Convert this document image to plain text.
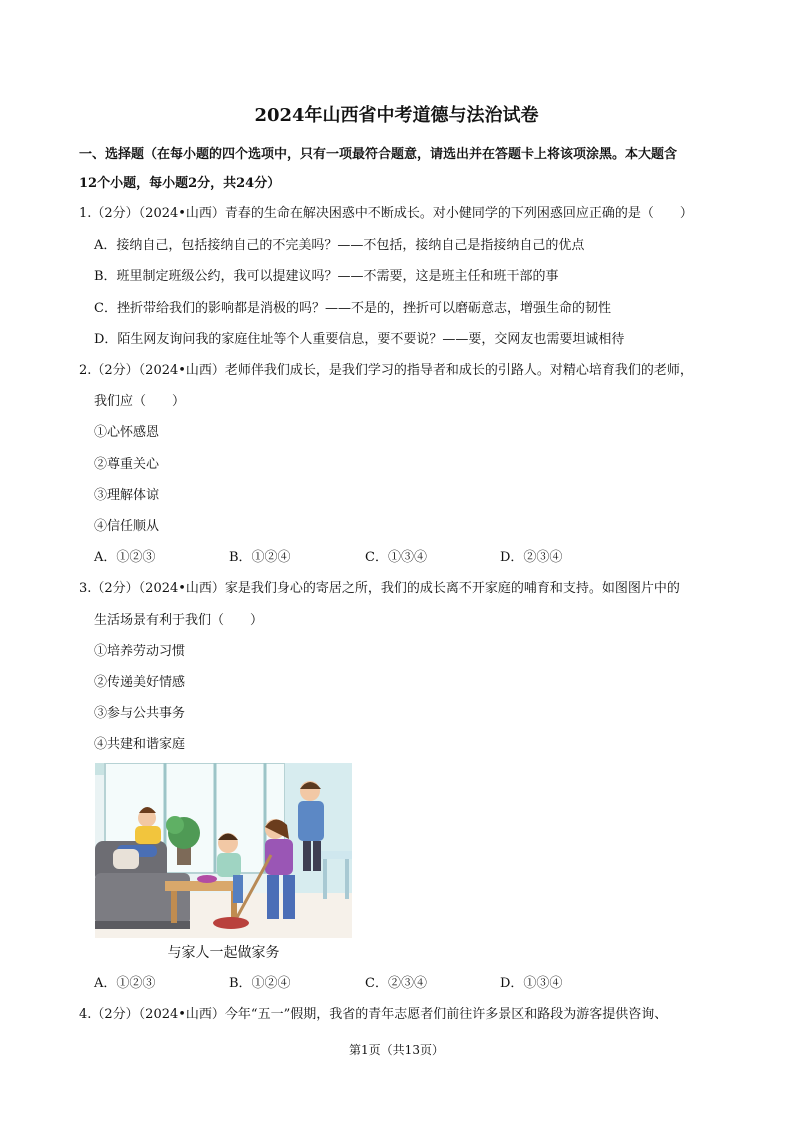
2024年山西省中考道德与法治试卷
一、选择题（在每小题的四个选项中，只有一项最符合题意，请选出并在答题卡上将该项涂黑。本大题含
12个小题，每小题2分，共24分）
1.（2分）（2024•山西）青春的生命在解决困惑中不断成长。对小健同学的下列困惑回应正确的是（　　）
A．接纳自己，包括接纳自己的不完美吗？——不包括，接纳自己是指接纳自己的优点
B．班里制定班级公约，我可以提建议吗？——不需要，这是班主任和班干部的事
C．挫折带给我们的影响都是消极的吗？——不是的，挫折可以磨砺意志，增强生命的韧性
D．陌生网友询问我的家庭住址等个人重要信息，要不要说？——要，交网友也需要坦诚相待
2.（2分）（2024•山西）老师伴我们成长，是我们学习的指导者和成长的引路人。对精心培育我们的老师，
我们应（　　）
①心怀感恩
②尊重关心
③理解体谅
④信任顺从
A．①②③	B．①②④	C．①③④	D．②③④
3.（2分）（2024•山西）家是我们身心的寄居之所，我们的成长离不开家庭的哺育和支持。如图图片中的
生活场景有利于我们（　　）
①培养劳动习惯
②传递美好情感
③参与公共事务
④共建和谐家庭
与家人一起做家务
A．①②③	B．①②④	C．②③④	D．①③④
4.（2分）（2024•山西）今年“五一”假期，我省的青年志愿者们前往许多景区和路段为游客提供咨询、
第1页（共13页）
